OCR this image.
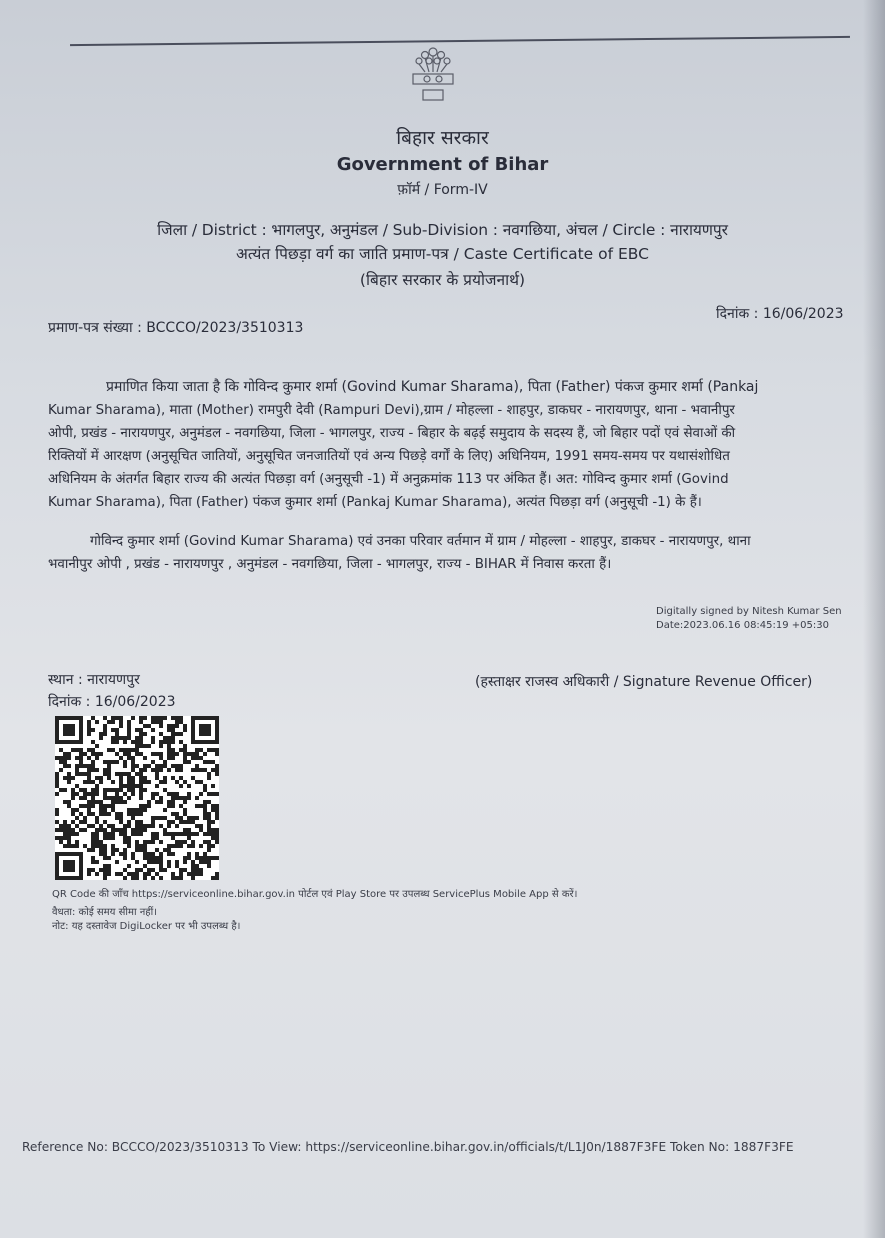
बिहार सरकार
Government of Bihar
फ़ॉर्म / Form-IV
जिला / District : भागलपुर, अनुमंडल / Sub-Division : नवगछिया, अंचल / Circle : नारायणपुर
अत्यंत पिछड़ा वर्ग का जाति प्रमाण-पत्र / Caste Certificate of EBC
(बिहार सरकार के प्रयोजनार्थ)
प्रमाण-पत्र संख्या : BCCCO/2023/3510313
दिनांक : 16/06/2023
प्रमाणित किया जाता है कि गोविन्द कुमार शर्मा (Govind Kumar Sharama), पिता (Father) पंकज कुमार शर्मा (Pankaj
Kumar Sharama), माता (Mother) रामपुरी देवी (Rampuri Devi),ग्राम / मोहल्ला - शाहपुर, डाकघर - नारायणपुर, थाना - भवानीपुर
ओपी, प्रखंड - नारायणपुर, अनुमंडल - नवगछिया, जिला - भागलपुर, राज्य - बिहार के बढ़ई समुदाय के सदस्य हैं, जो बिहार पदों एवं सेवाओं की
रिक्तियों में आरक्षण (अनुसूचित जातियों, अनुसूचित जनजातियों एवं अन्य पिछड़े वर्गों के लिए) अधिनियम, 1991 समय-समय पर यथासंशोधित
अधिनियम के अंतर्गत बिहार राज्य की अत्यंत पिछड़ा वर्ग (अनुसूची -1) में अनुक्रमांक 113 पर अंकित हैं। अत: गोविन्द कुमार शर्मा (Govind
Kumar Sharama), पिता (Father) पंकज कुमार शर्मा (Pankaj Kumar Sharama), अत्यंत पिछड़ा वर्ग (अनुसूची -1) के हैं।
गोविन्द कुमार शर्मा (Govind Kumar Sharama) एवं उनका परिवार वर्तमान में ग्राम / मोहल्ला - शाहपुर, डाकघर - नारायणपुर, थाना
भवानीपुर ओपी , प्रखंड - नारायणपुर , अनुमंडल - नवगछिया, जिला - भागलपुर, राज्य - BIHAR में निवास करता हैं।
Digitally signed by Nitesh Kumar Sen
Date:2023.06.16 08:45:19 +05:30
स्थान : नारायणपुर
दिनांक : 16/06/2023
(हस्ताक्षर राजस्व अधिकारी / Signature Revenue Officer)
QR Code की जाँच https://serviceonline.bihar.gov.in पोर्टल एवं Play Store पर उपलब्ध ServicePlus Mobile App से करें।
वैधता: कोई समय सीमा नहीं।
नोट: यह दस्तावेज DigiLocker पर भी उपलब्ध है।
Reference No: BCCCO/2023/3510313 To View: https://serviceonline.bihar.gov.in/officials/t/L1J0n/1887F3FE Token No: 1887F3FE
